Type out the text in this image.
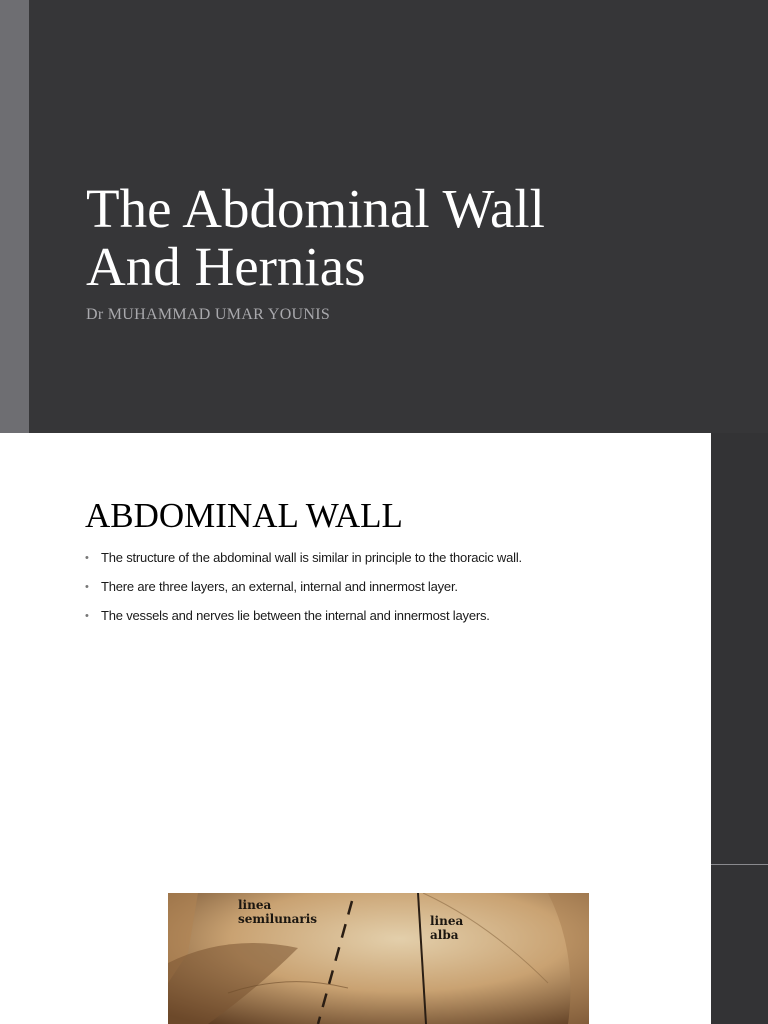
The Abdominal Wall
And Hernias
Dr MUHAMMAD UMAR YOUNIS
ABDOMINAL WALL
• The structure of the abdominal wall is similar in principle to the thoracic wall.
• There are three layers, an external, internal and innermost layer.
• The vessels and nerves lie between the internal and innermost layers.
linea
semilunaris	linea
alba
